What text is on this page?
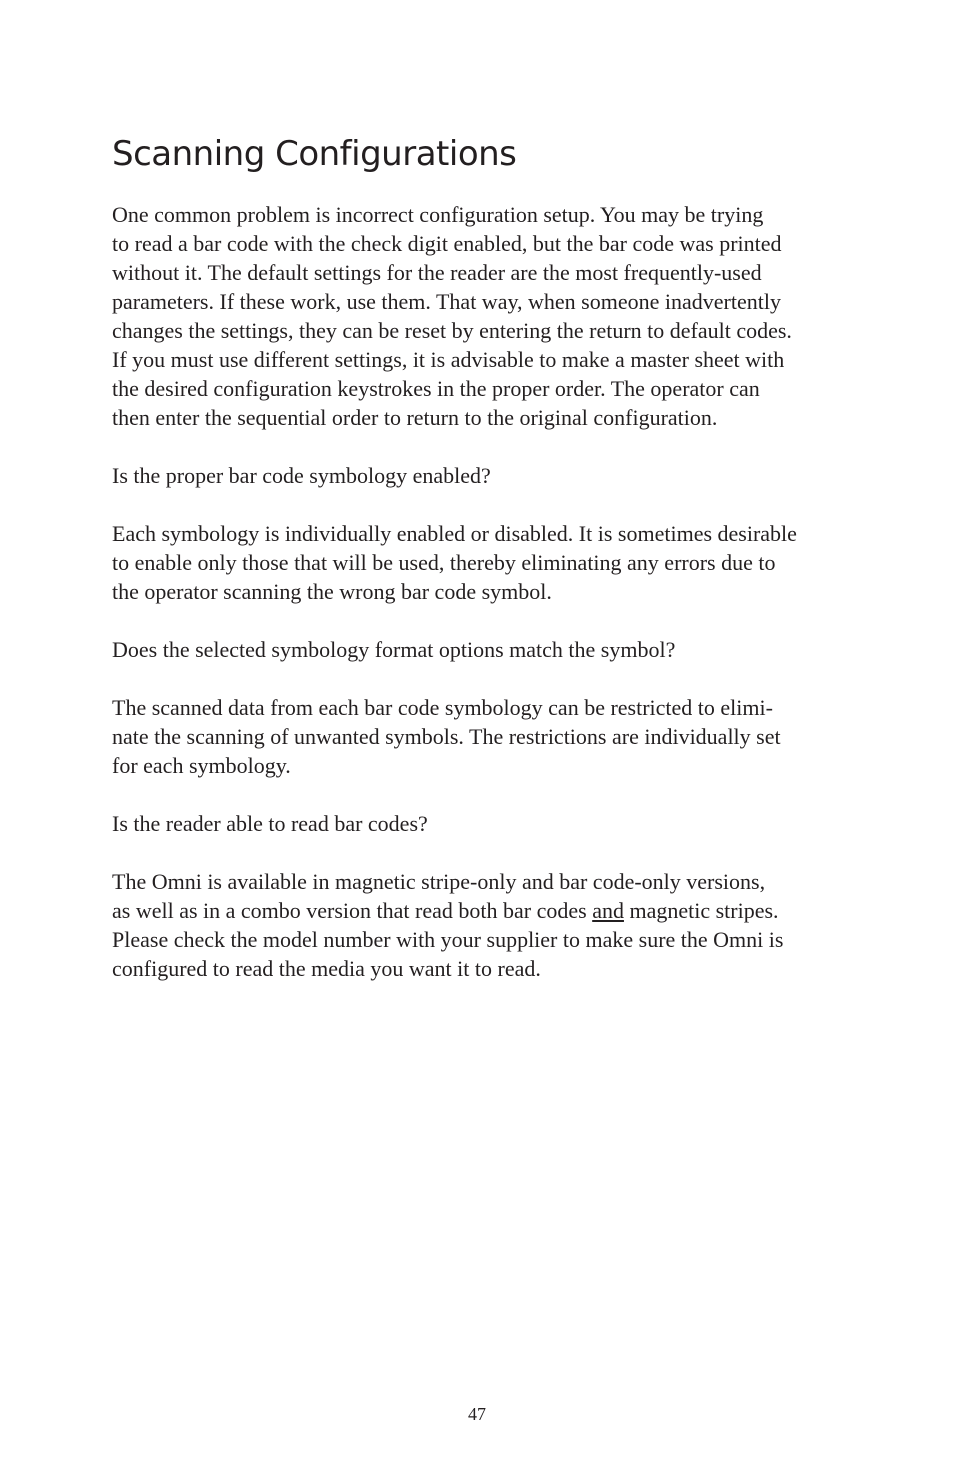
Scanning Configurations

One common problem is incorrect configuration setup. You may be trying
to read a bar code with the check digit enabled, but the bar code was printed
without it. The default settings for the reader are the most frequently-used
parameters. If these work, use them. That way, when someone inadvertently
changes the settings, they can be reset by entering the return to default codes.
If you must use different settings, it is advisable to make a master sheet with
the desired configuration keystrokes in the proper order. The operator can
then enter the sequential order to return to the original configuration.

Is the proper bar code symbology enabled?

Each symbology is individually enabled or disabled. It is sometimes desirable
to enable only those that will be used, thereby eliminating any errors due to
the operator scanning the wrong bar code symbol.

Does the selected symbology format options match the symbol?

The scanned data from each bar code symbology can be restricted to elimi-
nate the scanning of unwanted symbols. The restrictions are individually set
for each symbology.

Is the reader able to read bar codes?

The Omni is available in magnetic stripe-only and bar code-only versions,
as well as in a combo version that read both bar codes and magnetic stripes.
Please check the model number with your supplier to make sure the Omni is
configured to read the media you want it to read.

47
